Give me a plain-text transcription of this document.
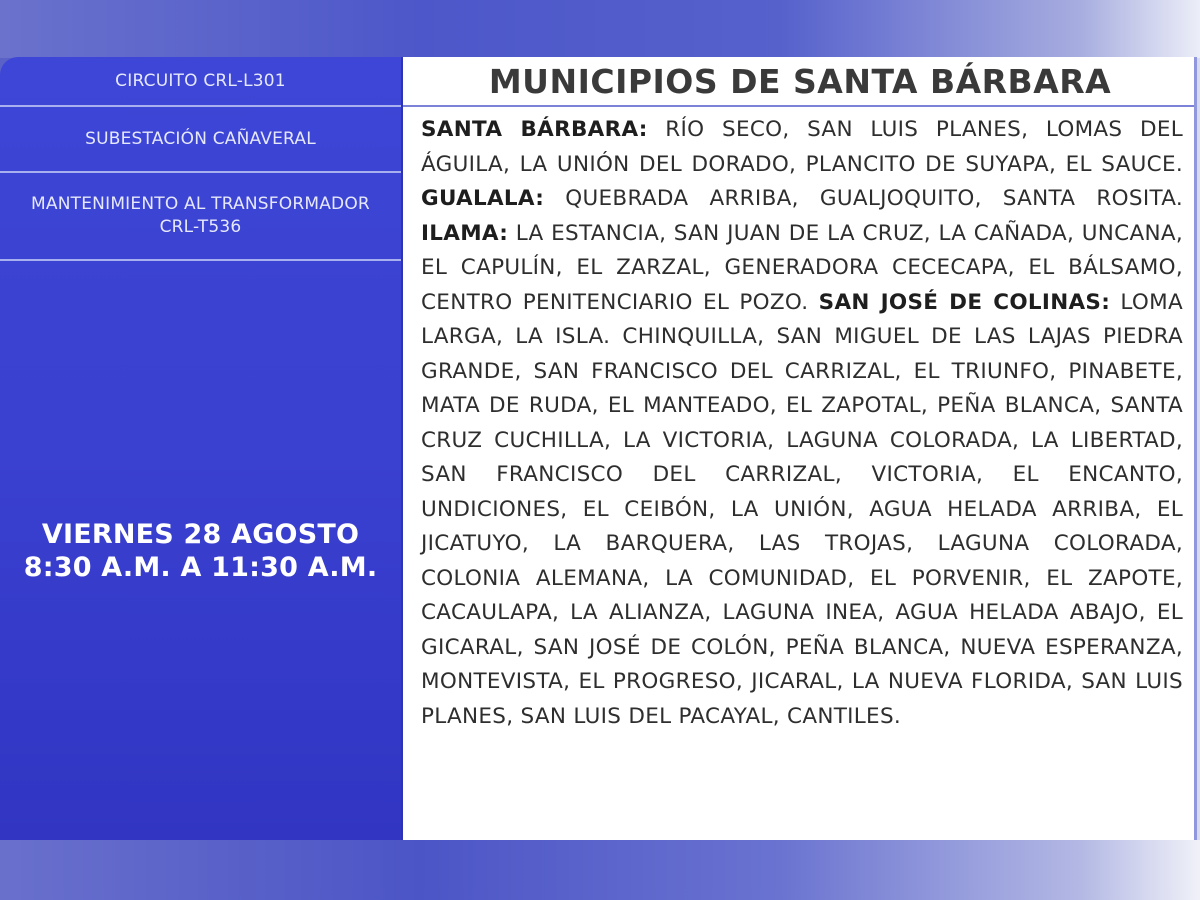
CIRCUITO CRL-L301
SUBESTACIÓN CAÑAVERAL
MANTENIMIENTO AL TRANSFORMADOR
CRL-T536
VIERNES 28 AGOSTO
8:30 A.M. A 11:30 A.M.
MUNICIPIOS DE SANTA BÁRBARA
SANTA BÁRBARA: RÍO SECO, SAN LUIS PLANES, LOMAS DEL ÁGUILA, LA UNIÓN DEL DORADO, PLANCITO DE SUYAPA, EL SAUCE. GUALALA: QUEBRADA ARRIBA, GUALJOQUITO, SANTA ROSITA. ILAMA: LA ESTANCIA, SAN JUAN DE LA CRUZ, LA CAÑADA, UNCANA, EL CAPULÍN, EL ZARZAL, GENERADORA CECECAPA, EL BÁLSAMO, CENTRO PENITENCIARIO EL POZO. SAN JOSÉ DE COLINAS: LOMA LARGA, LA ISLA. CHINQUILLA, SAN MIGUEL DE LAS LAJAS PIEDRA GRANDE, SAN FRANCISCO DEL CARRIZAL, EL TRIUNFO, PINABETE, MATA DE RUDA, EL MANTEADO, EL ZAPOTAL, PEÑA BLANCA, SANTA CRUZ CUCHILLA, LA VICTORIA, LAGUNA COLORADA, LA LIBERTAD, SAN FRANCISCO DEL CARRIZAL, VICTORIA, EL ENCANTO, UNDICIONES, EL CEIBÓN, LA UNIÓN, AGUA HELADA ARRIBA, EL JICATUYO, LA BARQUERA, LAS TROJAS, LAGUNA COLORADA, COLONIA ALEMANA, LA COMUNIDAD, EL PORVENIR, EL ZAPOTE, CACAULAPA, LA ALIANZA, LAGUNA INEA, AGUA HELADA ABAJO, EL GICARAL, SAN JOSÉ DE COLÓN, PEÑA BLANCA, NUEVA ESPERANZA, MONTEVISTA, EL PROGRESO, JICARAL, LA NUEVA FLORIDA, SAN LUIS PLANES, SAN LUIS DEL PACAYAL, CANTILES.
